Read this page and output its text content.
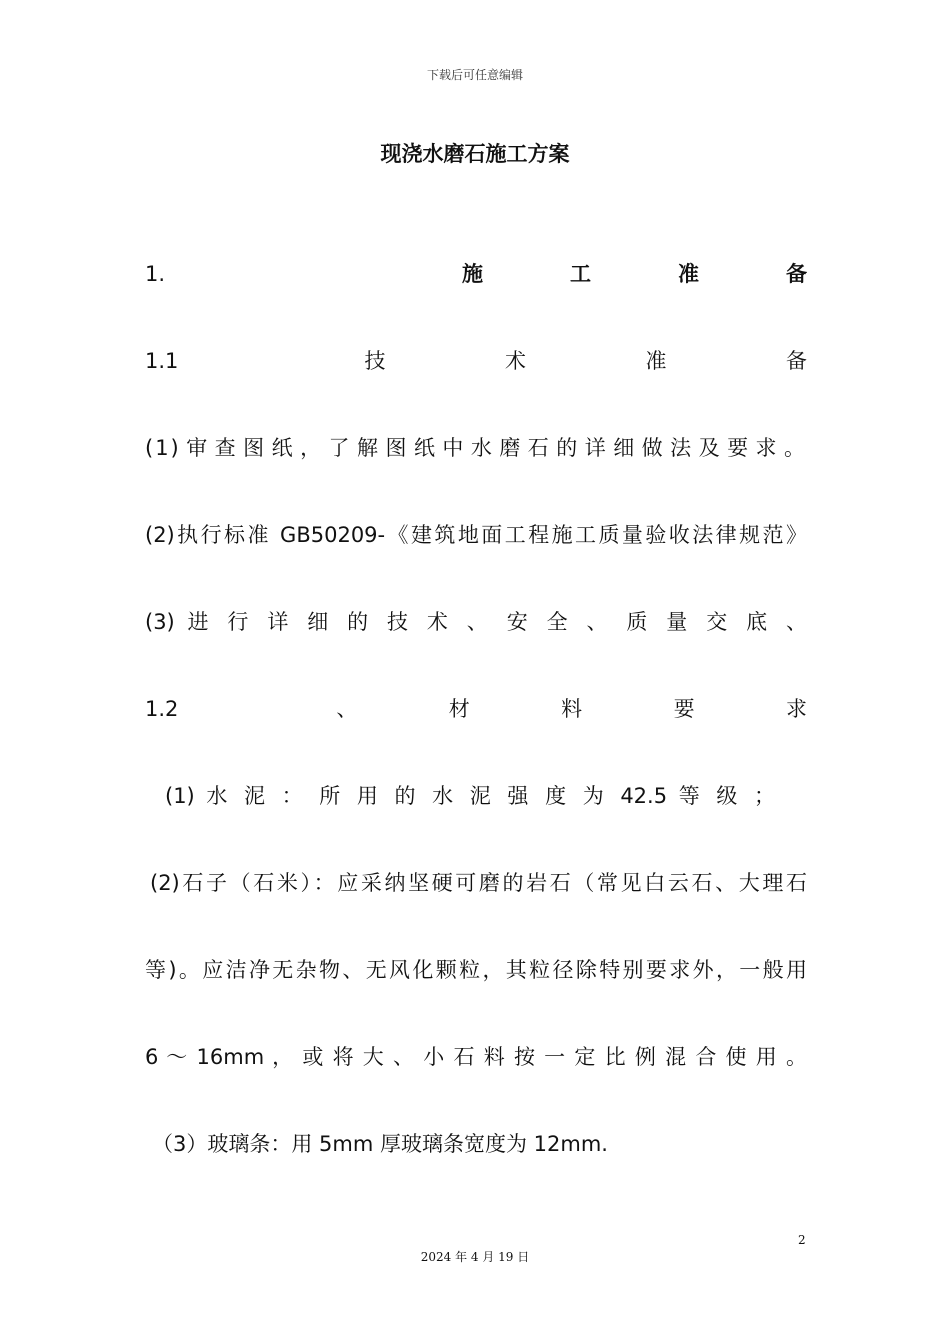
下载后可任意编辑
现浇水磨石施工方案
1.	施	工	准	备
1.1	技	术	准	备
(1)审查图纸，了解图纸中水磨石的详细做法及要求。
(2)执行标准 GB50209-《建筑地面工程施工质量验收法律规范》
(3) 进 行 详 细 的 技 术 、 安 全 、 质 量 交 底 、
1.2	、	材	料	要	求
(1) 水 泥 ： 所 用 的 水 泥 强 度 为 42.5 等 级 ；
(2)石子（石米）：应采纳坚硬可磨的岩石（常见白云石、大理石
等)。应洁净无杂物、无风化颗粒，其粒径除特别要求外，一般用
6 ～ 16mm ， 或 将 大 、 小 石 料 按 一 定 比 例 混 合 使 用 。
（3）玻璃条：用 5mm 厚玻璃条宽度为 12mm.
2
2024 年 4 月 19 日
